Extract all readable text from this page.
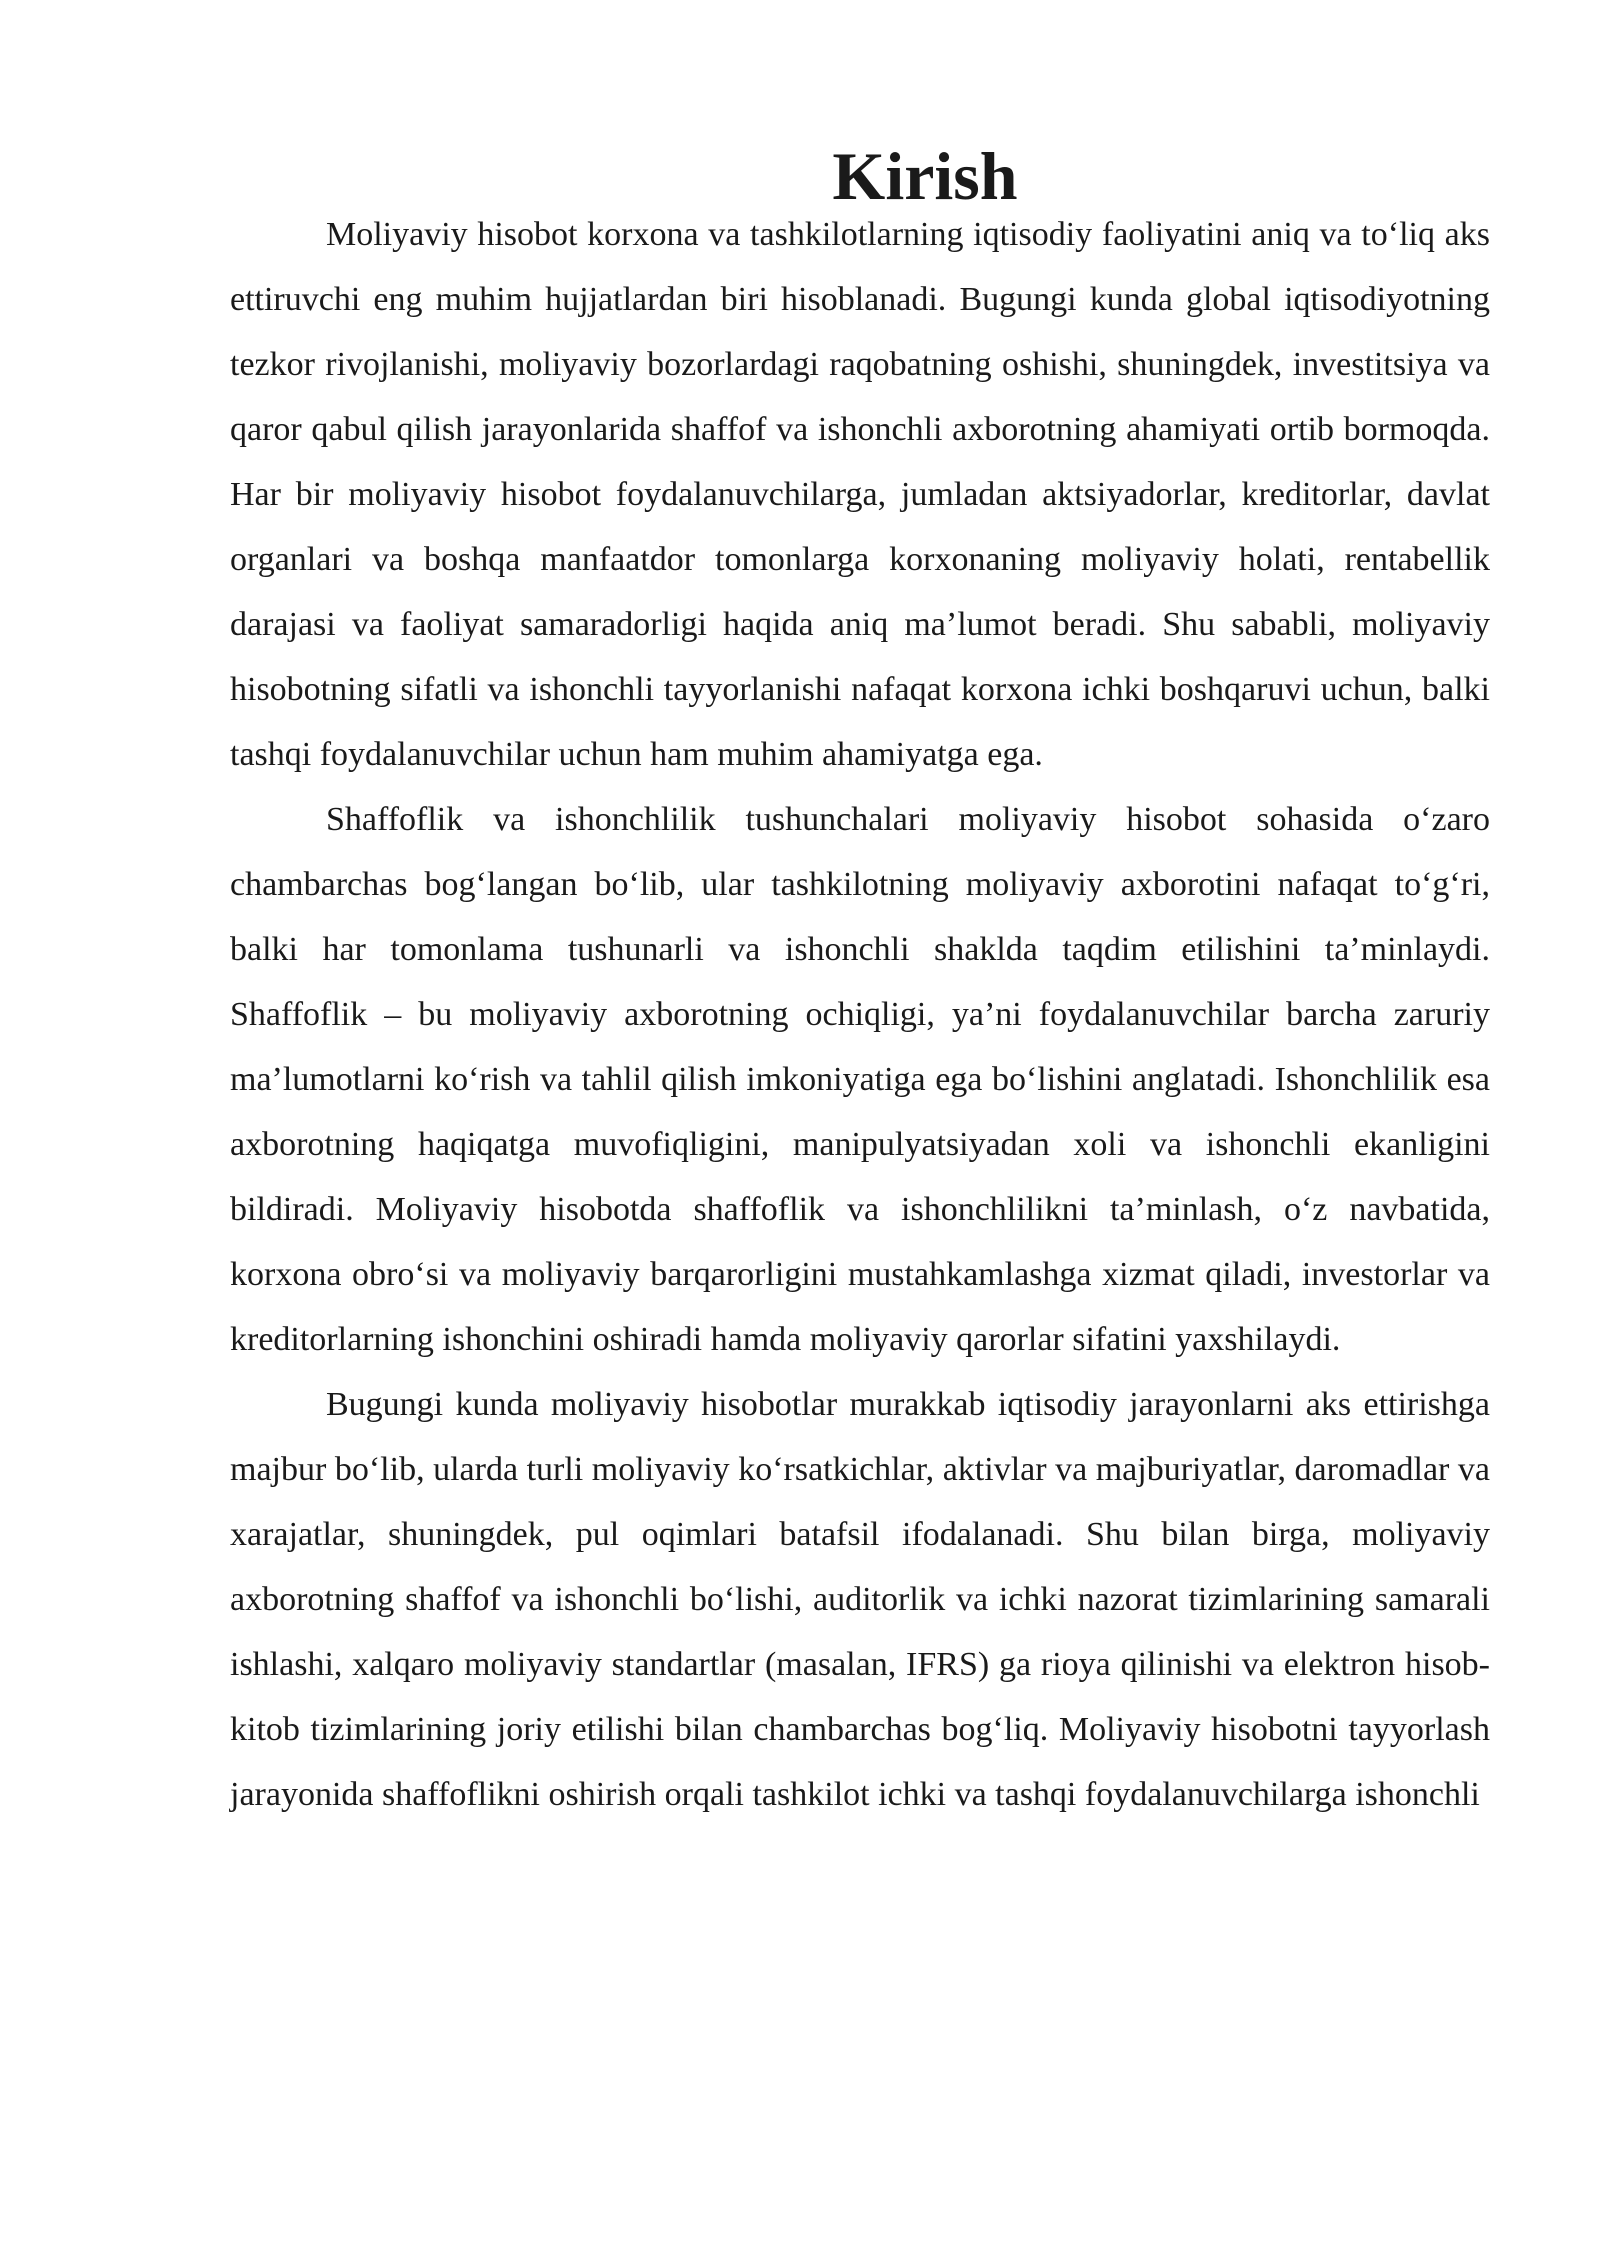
Kirish

Moliyaviy hisobot korxona va tashkilotlarning iqtisodiy faoliyatini aniq va to‘liq aks ettiruvchi eng muhim hujjatlardan biri hisoblanadi. Bugungi kunda global iqtisodiyotning tezkor rivojlanishi, moliyaviy bozorlardagi raqobatning oshishi, shuningdek, investitsiya va qaror qabul qilish jarayonlarida shaffof va ishonchli axborotning ahamiyati ortib bormoqda. Har bir moliyaviy hisobot foydalanuvchilarga, jumladan aktsiyadorlar, kreditorlar, davlat organlari va boshqa manfaatdor tomonlarga korxonaning moliyaviy holati, rentabellik darajasi va faoliyat samaradorligi haqida aniq ma’lumot beradi. Shu sababli, moliyaviy hisobotning sifatli va ishonchli tayyorlanishi nafaqat korxona ichki boshqaruvi uchun, balki tashqi foydalanuvchilar uchun ham muhim ahamiyatga ega.

Shaffoflik va ishonchlilik tushunchalari moliyaviy hisobot sohasida o‘zaro chambarchas bog‘langan bo‘lib, ular tashkilotning moliyaviy axborotini nafaqat to‘g‘ri, balki har tomonlama tushunarli va ishonchli shaklda taqdim etilishini ta’minlaydi. Shaffoflik – bu moliyaviy axborotning ochiqligi, ya’ni foydalanuvchilar barcha zaruriy ma’lumotlarni ko‘rish va tahlil qilish imkoniyatiga ega bo‘lishini anglatadi. Ishonchlilik esa axborotning haqiqatga muvofiqligini, manipulyatsiyadan xoli va ishonchli ekanligini bildiradi. Moliyaviy hisobotda shaffoflik va ishonchlilikni ta’minlash, o‘z navbatida, korxona obro‘si va moliyaviy barqarorligini mustahkamlashga xizmat qiladi, investorlar va kreditorlarning ishonchini oshiradi hamda moliyaviy qarorlar sifatini yaxshilaydi.

Bugungi kunda moliyaviy hisobotlar murakkab iqtisodiy jarayonlarni aks ettirishga majbur bo‘lib, ularda turli moliyaviy ko‘rsatkichlar, aktivlar va majburiyatlar, daromadlar va xarajatlar, shuningdek, pul oqimlari batafsil ifodalanadi. Shu bilan birga, moliyaviy axborotning shaffof va ishonchli bo‘lishi, auditorlik va ichki nazorat tizimlarining samarali ishlashi, xalqaro moliyaviy standartlar (masalan, IFRS) ga rioya qilinishi va elektron hisob-kitob tizimlarining joriy etilishi bilan chambarchas bog‘liq. Moliyaviy hisobotni tayyorlash jarayonida shaffoflikni oshirish orqali tashkilot ichki va tashqi foydalanuvchilarga ishonchli
